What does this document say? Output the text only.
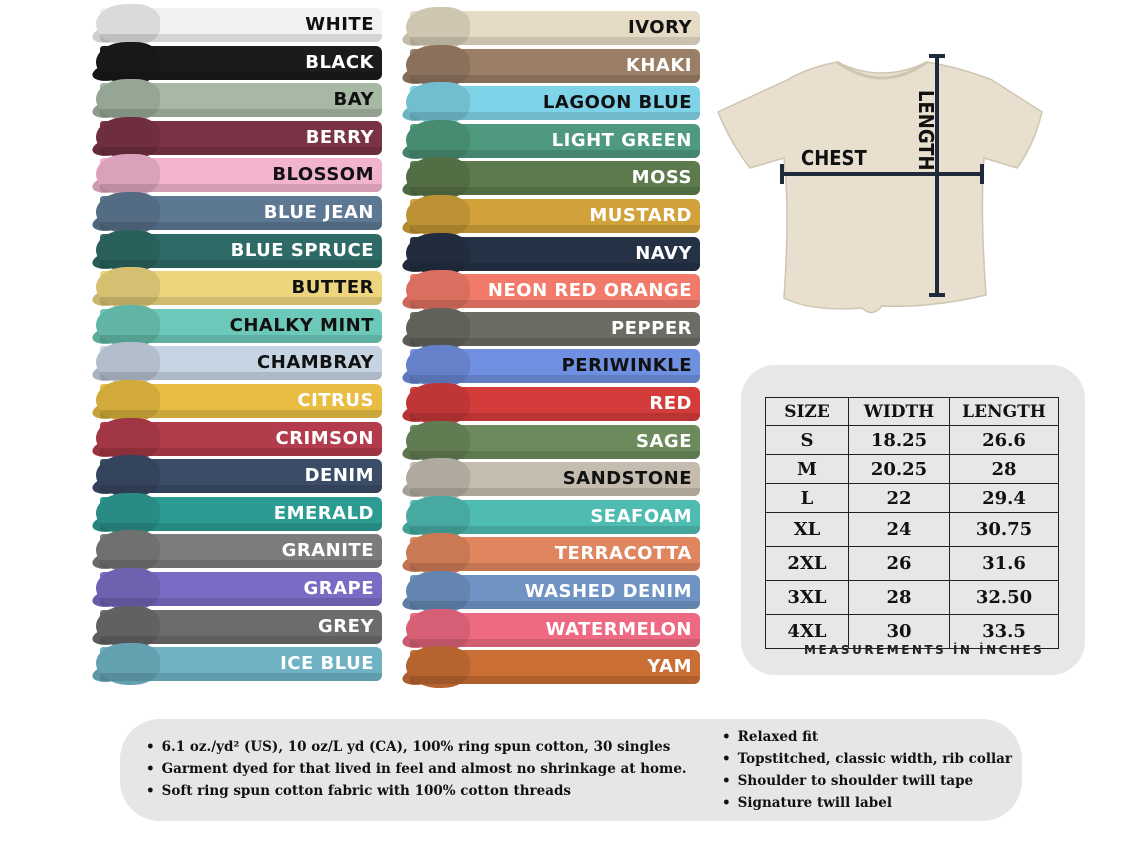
WHITE
BLACK
BAY
BERRY
BLOSSOM
BLUE JEAN
BLUE SPRUCE
BUTTER
CHALKY MINT
CHAMBRAY
CITRUS
CRIMSON
DENIM
EMERALD
GRANITE
GRAPE
GREY
ICE BLUE
IVORY
KHAKI
LAGOON BLUE
LIGHT GREEN
MOSS
MUSTARD
NAVY
NEON RED ORANGE
PEPPER
PERIWINKLE
RED
SAGE
SANDSTONE
SEAFOAM
TERRACOTTA
WASHED DENIM
WATERMELON
YAM
LENGTH
CHEST
SIZE	WIDTH	LENGTH
S	18.25	26.6
M	20.25	28
L	22	29.4
XL	24	30.75
2XL	26	31.6
3XL	28	32.50
4XL	30	33.5
MEASUREMENTS İN İNCHES
• 6.1 oz./yd² (US), 10 oz/L yd (CA), 100% ring spun cotton, 30 singles
• Garment dyed for that lived in feel and almost no shrinkage at home.
• Soft ring spun cotton fabric with 100% cotton threads
• Relaxed fit
• Topstitched, classic width, rib collar
• Shoulder to shoulder twill tape
• Signature twill label
